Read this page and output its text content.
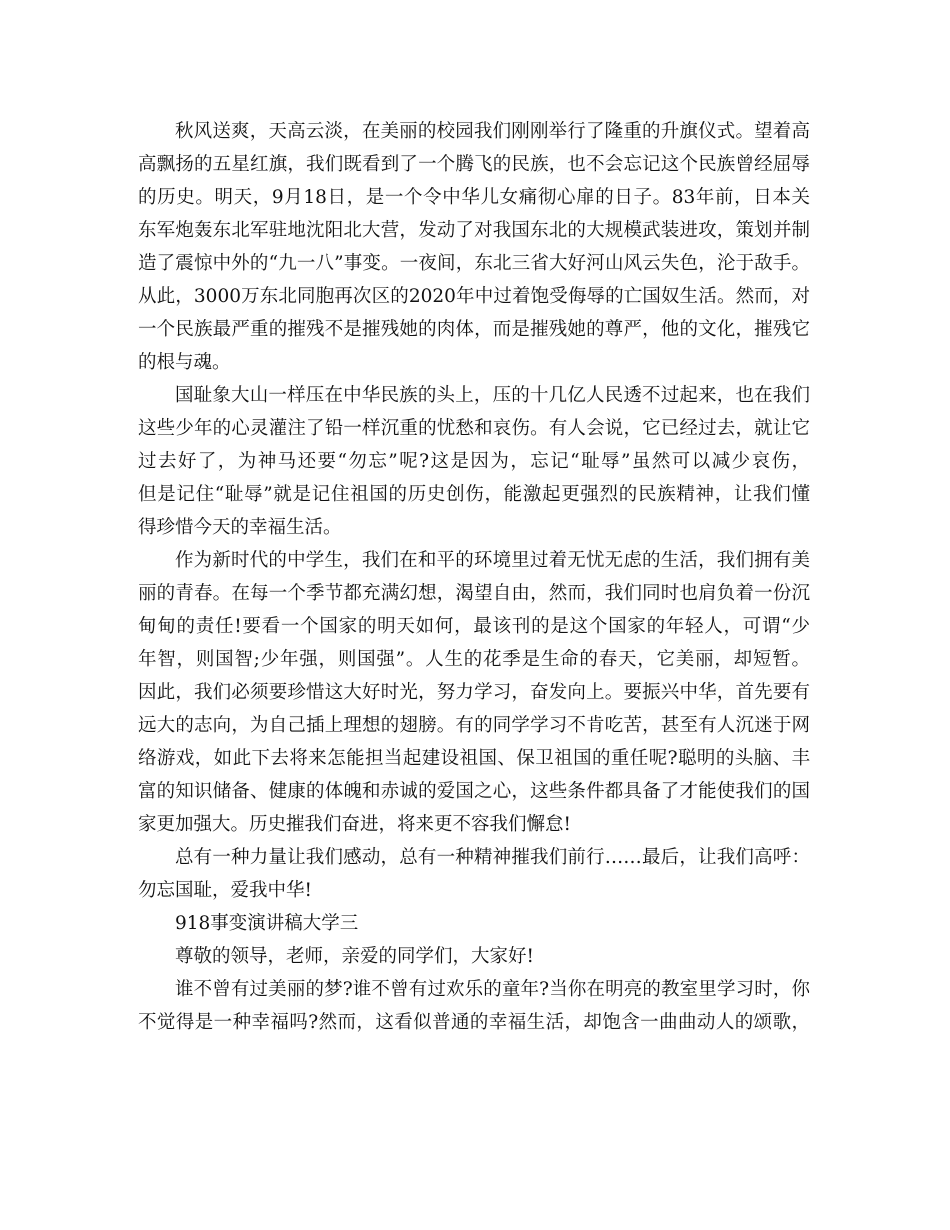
秋风送爽，天高云淡，在美丽的校园我们刚刚举行了隆重的升旗仪式。望着高
高飘扬的五星红旗，我们既看到了一个腾飞的民族，也不会忘记这个民族曾经屈辱
的历史。明天，9月18日，是一个令中华儿女痛彻心扉的日子。83年前，日本关
东军炮轰东北军驻地沈阳北大营，发动了对我国东北的大规模武装进攻，策划并制
造了震惊中外的“九一八”事变。一夜间，东北三省大好河山风云失色，沦于敌手。
从此，3000万东北同胞再次区的2020年中过着饱受侮辱的亡国奴生活。然而，对
一个民族最严重的摧残不是摧残她的肉体，而是摧残她的尊严，他的文化，摧残它
的根与魂。
国耻象大山一样压在中华民族的头上，压的十几亿人民透不过起来，也在我们
这些少年的心灵灌注了铅一样沉重的忧愁和哀伤。有人会说，它已经过去，就让它
过去好了，为神马还要“勿忘”呢?这是因为，忘记“耻辱”虽然可以减少哀伤，
但是记住“耻辱”就是记住祖国的历史创伤，能激起更强烈的民族精神，让我们懂
得珍惜今天的幸福生活。
作为新时代的中学生，我们在和平的环境里过着无忧无虑的生活，我们拥有美
丽的青春。在每一个季节都充满幻想，渴望自由，然而，我们同时也肩负着一份沉
甸甸的责任!要看一个国家的明天如何，最该刊的是这个国家的年轻人，可谓“少
年智，则国智;少年强，则国强”。人生的花季是生命的春天，它美丽，却短暂。
因此，我们必须要珍惜这大好时光，努力学习，奋发向上。要振兴中华，首先要有
远大的志向，为自己插上理想的翅膀。有的同学学习不肯吃苦，甚至有人沉迷于网
络游戏，如此下去将来怎能担当起建设祖国、保卫祖国的重任呢?聪明的头脑、丰
富的知识储备、健康的体魄和赤诚的爱国之心，这些条件都具备了才能使我们的国
家更加强大。历史摧我们奋进，将来更不容我们懈怠!
总有一种力量让我们感动，总有一种精神摧我们前行……最后，让我们高呼：
勿忘国耻，爱我中华!
918事变演讲稿大学三
尊敬的领导，老师，亲爱的同学们，大家好!
谁不曾有过美丽的梦?谁不曾有过欢乐的童年?当你在明亮的教室里学习时，你
不觉得是一种幸福吗?然而，这看似普通的幸福生活，却饱含一曲曲动人的颂歌，
